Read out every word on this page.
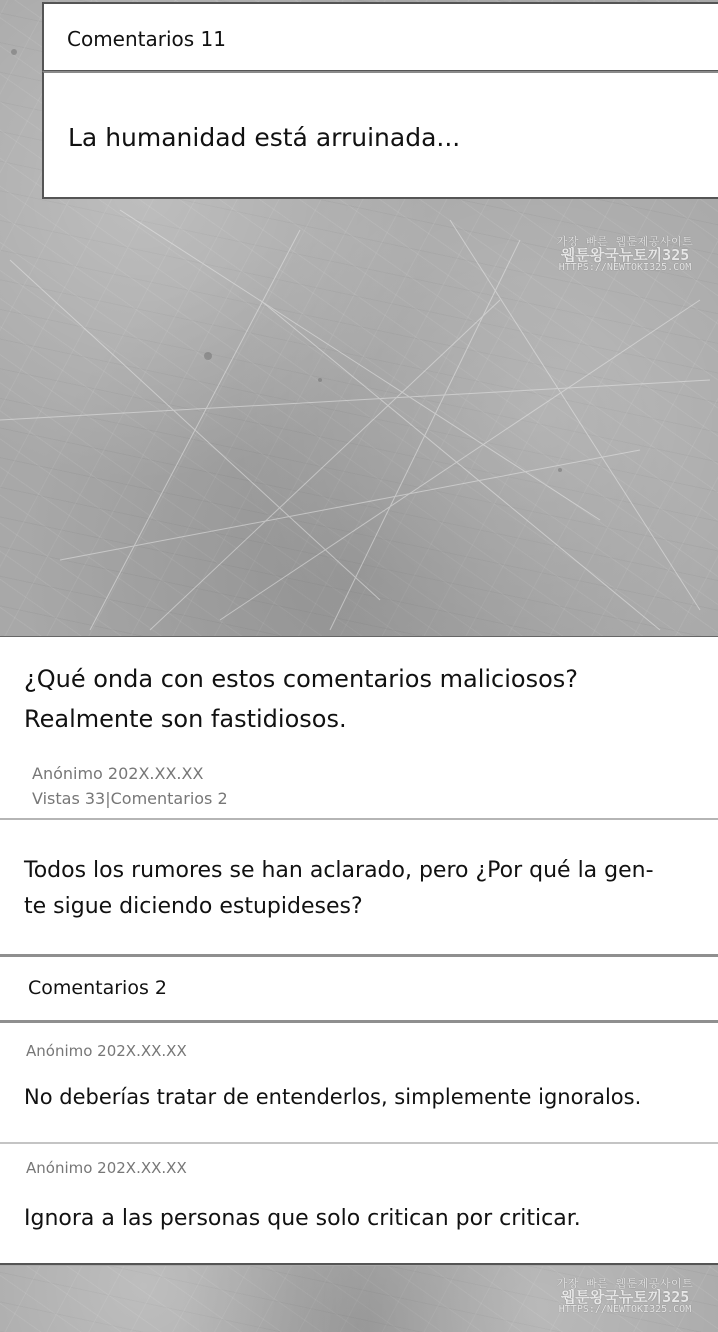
Comentarios 11
La humanidad está arruinada...
가장 빠른 웹툰제공사이트
웹툰왕국뉴토끼325
HTTPS://NEWTOKI325.COM
¿Qué onda con estos comentarios maliciosos?
Realmente son fastidiosos.
Anónimo 202X.XX.XX
Vistas 33|Comentarios 2
Todos los rumores se han aclarado, pero ¿Por qué la gen-
te sigue diciendo estupideses?
Comentarios 2
Anónimo 202X.XX.XX
No deberías tratar de entenderlos, simplemente ignoralos.
Anónimo 202X.XX.XX
Ignora a las personas que solo critican por criticar.
가장 빠른 웹툰제공사이트
웹툰왕국뉴토끼325
HTTPS://NEWTOKI325.COM
